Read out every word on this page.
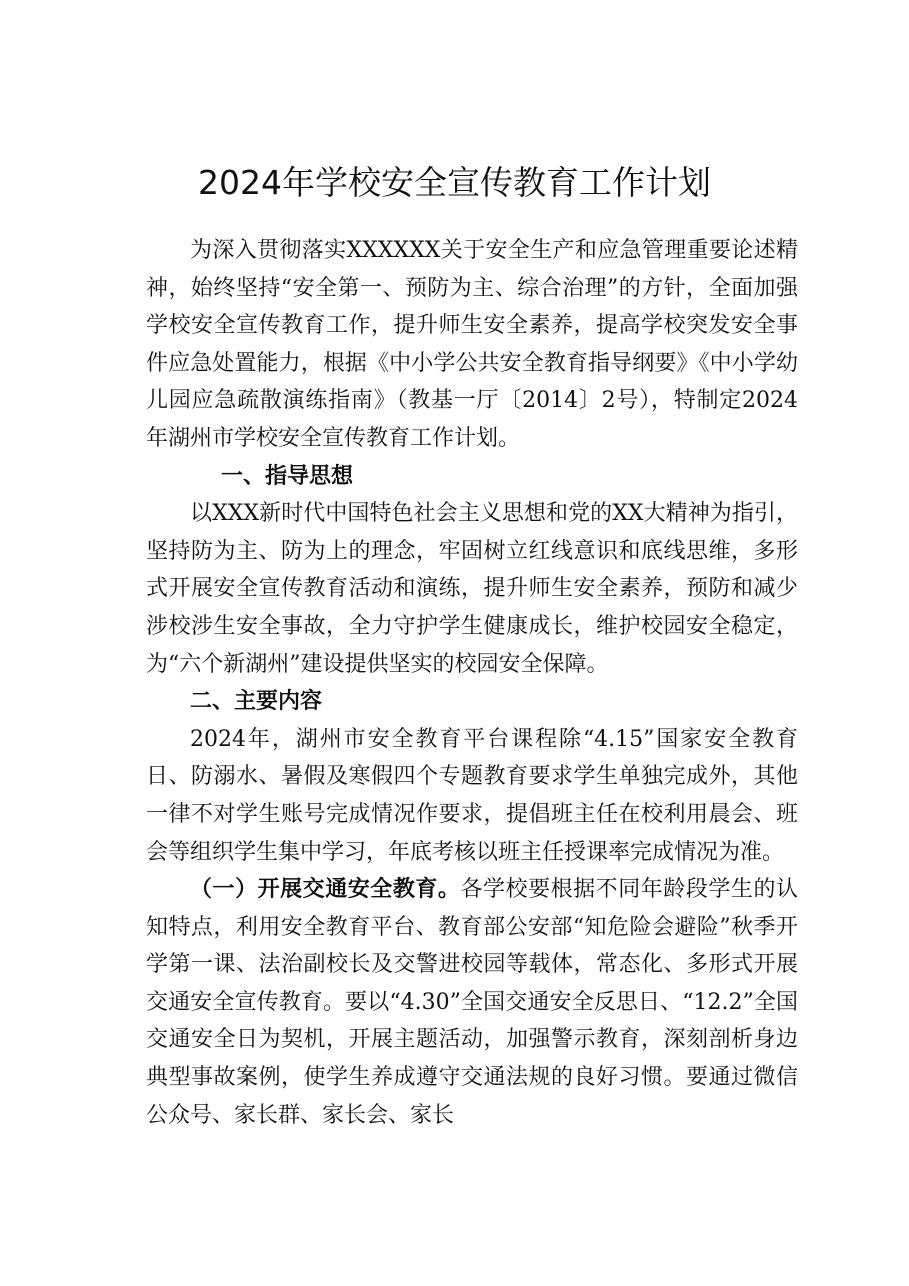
2024年学校安全宣传教育工作计划

为深入贯彻落实XXXXXX关于安全生产和应急管理重要论述精神，始终坚持“安全第一、预防为主、综合治理”的方针，全面加强学校安全宣传教育工作，提升师生安全素养，提高学校突发安全事件应急处置能力，根据《中小学公共安全教育指导纲要》《中小学幼儿园应急疏散演练指南》（教基一厅〔2014〕2号），特制定2024年湖州市学校安全宣传教育工作计划。

一、指导思想

以XXX新时代中国特色社会主义思想和党的XX大精神为指引，坚持防为主、防为上的理念，牢固树立红线意识和底线思维，多形式开展安全宣传教育活动和演练，提升师生安全素养，预防和减少涉校涉生安全事故，全力守护学生健康成长，维护校园安全稳定，为“六个新湖州”建设提供坚实的校园安全保障。

二、主要内容

2024年，湖州市安全教育平台课程除“4.15”国家安全教育日、防溺水、暑假及寒假四个专题教育要求学生单独完成外，其他一律不对学生账号完成情况作要求，提倡班主任在校利用晨会、班会等组织学生集中学习，年底考核以班主任授课率完成情况为准。

（一）开展交通安全教育。各学校要根据不同年龄段学生的认知特点，利用安全教育平台、教育部公安部“知危险会避险”秋季开学第一课、法治副校长及交警进校园等载体，常态化、多形式开展交通安全宣传教育。要以“4.30”全国交通安全反思日、“12.2”全国交通安全日为契机，开展主题活动，加强警示教育，深刻剖析身边典型事故案例，使学生养成遵守交通法规的良好习惯。要通过微信公众号、家长群、家长会、家长
